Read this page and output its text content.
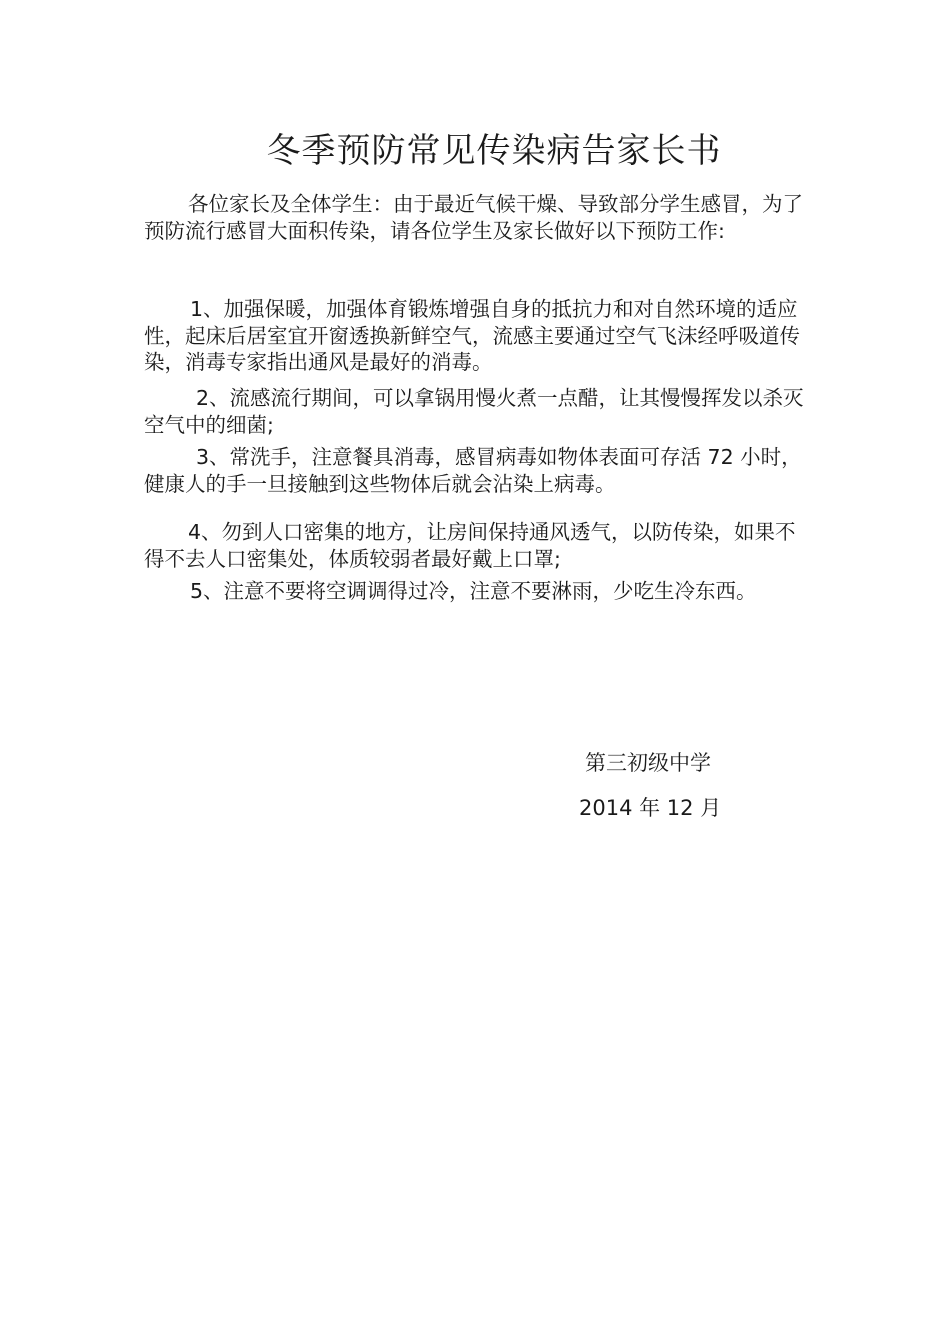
冬季预防常见传染病告家长书

各位家长及全体学生：由于最近气候干燥、导致部分学生感冒，为了预防流行感冒大面积传染，请各位学生及家长做好以下预防工作:

1、加强保暖，加强体育锻炼增强自身的抵抗力和对自然环境的适应性，起床后居室宜开窗透换新鲜空气，流感主要通过空气飞沫经呼吸道传染，消毒专家指出通风是最好的消毒。

2、流感流行期间，可以拿锅用慢火煮一点醋，让其慢慢挥发以杀灭空气中的细菌;

3、常洗手，注意餐具消毒，感冒病毒如物体表面可存活 72 小时，健康人的手一旦接触到这些物体后就会沾染上病毒。

4、勿到人口密集的地方，让房间保持通风透气，以防传染，如果不得不去人口密集处，体质较弱者最好戴上口罩;

5、注意不要将空调调得过冷，注意不要淋雨，少吃生冷东西。

第三初级中学
2014 年 12 月
